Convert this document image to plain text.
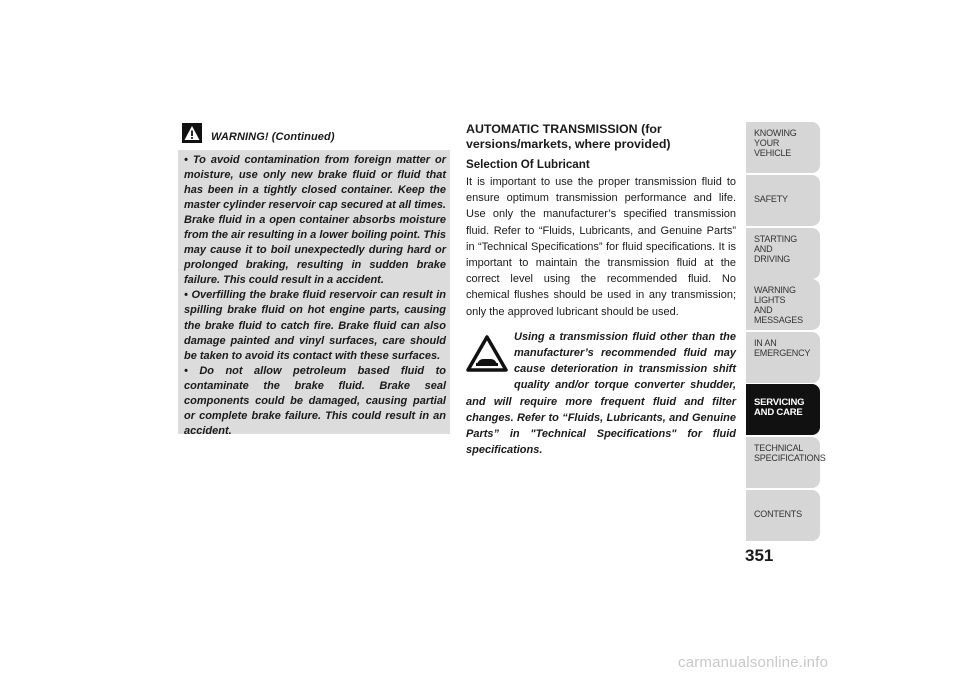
WARNING! (Continued)

• To avoid contamination from foreign matter or moisture, use only new brake fluid or fluid that has been in a tightly closed container. Keep the master cylinder reservoir cap secured at all times. Brake fluid in a open container absorbs moisture from the air resulting in a lower boiling point. This may cause it to boil unexpectedly during hard or prolonged braking, resulting in sudden brake failure. This could result in a accident.

• Overfilling the brake fluid reservoir can result in spilling brake fluid on hot engine parts, causing the brake fluid to catch fire. Brake fluid can also damage painted and vinyl surfaces, care should be taken to avoid its contact with these surfaces.

• Do not allow petroleum based fluid to contaminate the brake fluid. Brake seal components could be damaged, causing partial or complete brake failure. This could result in an accident.

AUTOMATIC TRANSMISSION (for versions/markets, where provided)
Selection Of Lubricant

It is important to use the proper transmission fluid to ensure optimum transmission performance and life. Use only the manufacturer’s specified transmission fluid. Refer to “Fluids, Lubricants, and Genuine Parts” in “Technical Specifications” for fluid specifications. It is important to maintain the transmission fluid at the correct level using the recommended fluid. No chemical flushes should be used in any transmission; only the approved lubricant should be used.

Using a transmission fluid other than the manufacturer’s recommended fluid may cause deterioration in transmission shift quality and/or torque converter shudder, and will require more frequent fluid and filter changes. Refer to “Fluids, Lubricants, and Genuine Parts” in "Technical Specifications" for fluid specifications.

KNOWING
YOUR
VEHICLE
SAFETY
STARTING
AND
DRIVING
WARNING
LIGHTS
AND
MESSAGES
IN AN
EMERGENCY
SERVICING
AND CARE
TECHNICAL
SPECIFICATIONS
CONTENTS
351
carmanualsonline.info
